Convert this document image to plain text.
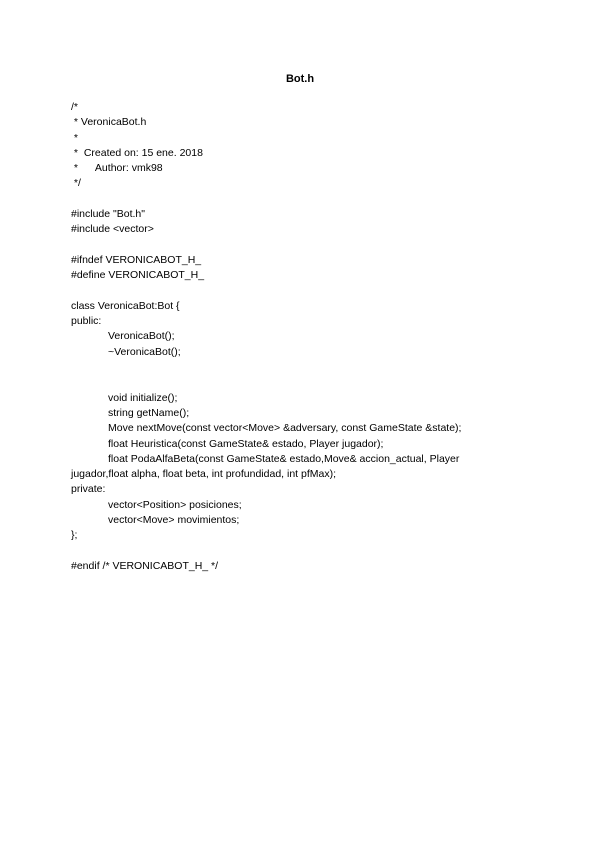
Bot.h
/*
* VeronicaBot.h
*
*  Created on: 15 ene. 2018
*      Author: vmk98
*/
#include "Bot.h"
#include <vector>
#ifndef VERONICABOT_H_
#define VERONICABOT_H_
class VeronicaBot:Bot {
public:
VeronicaBot();
~VeronicaBot();
void initialize();
string getName();
Move nextMove(const vector<Move> &adversary, const GameState &state);
float Heuristica(const GameState& estado, Player jugador);
float PodaAlfaBeta(const GameState& estado,Move& accion_actual, Player
jugador,float alpha, float beta, int profundidad, int pfMax);
private:
vector<Position> posiciones;
vector<Move> movimientos;
};
#endif /* VERONICABOT_H_ */
